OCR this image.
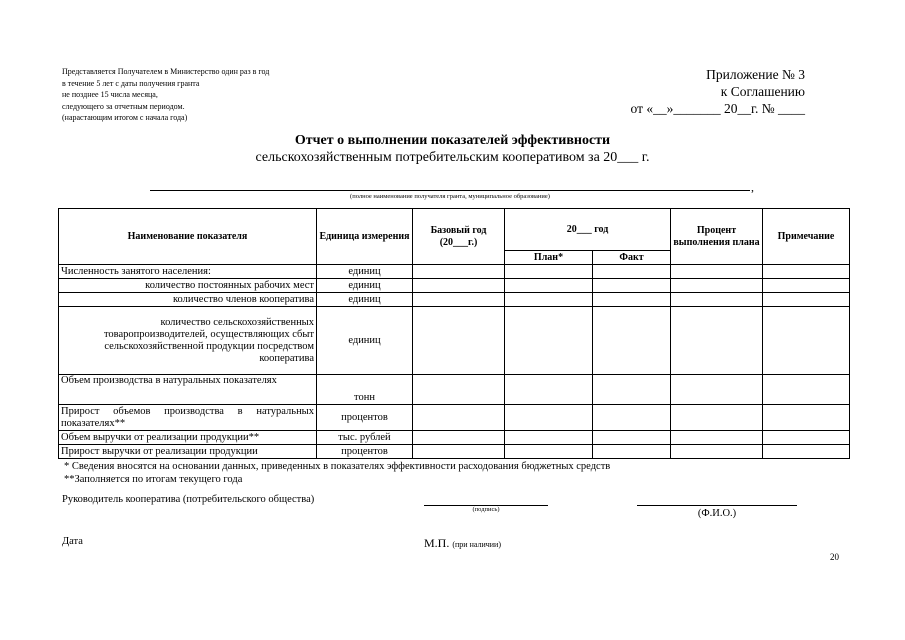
Представляется Получателем в Министерство один раз в год
в течение 5 лет с даты получения гранта
не позднее 15 числа месяца,
следующего за отчетным периодом.
(нарастающим итогом с начала года)
Приложение № 3
к Соглашению
от «__»_______ 20__г. № ____
Отчет о выполнении показателей эффективности
сельскохозяйственным потребительским кооперативом за 20___ г.
,
(полное наименование получателя гранта, муниципальное образование)
Наименование показателя	Единица измерения	Базовый год (20___г.)	20___ год		Процент выполнения плана	Примечание
			План*	Факт		
Численность занятого населения:	единиц					
количество постоянных рабочих мест	единиц					
количество членов кооператива	единиц					
количество сельскохозяйственных товаропроизводителей, осуществляющих сбыт сельскохозяйственной продукции посредством кооператива	единиц					
Объем производства в натуральных показателях	тонн					
Прирост объемов производства в натуральных показателях**	процентов					
Объем выручки от реализации продукции**	тыс. рублей					
Прирост выручки от реализации продукции	процентов					
* Сведения вносятся на основании данных, приведенных в показателях эффективности расходования бюджетных средств
**Заполняется по итогам текущего года
Руководитель кооператива (потребительского общества)
(подпись)	(Ф.И.О.)
Дата	М.П. (при наличии)
20
